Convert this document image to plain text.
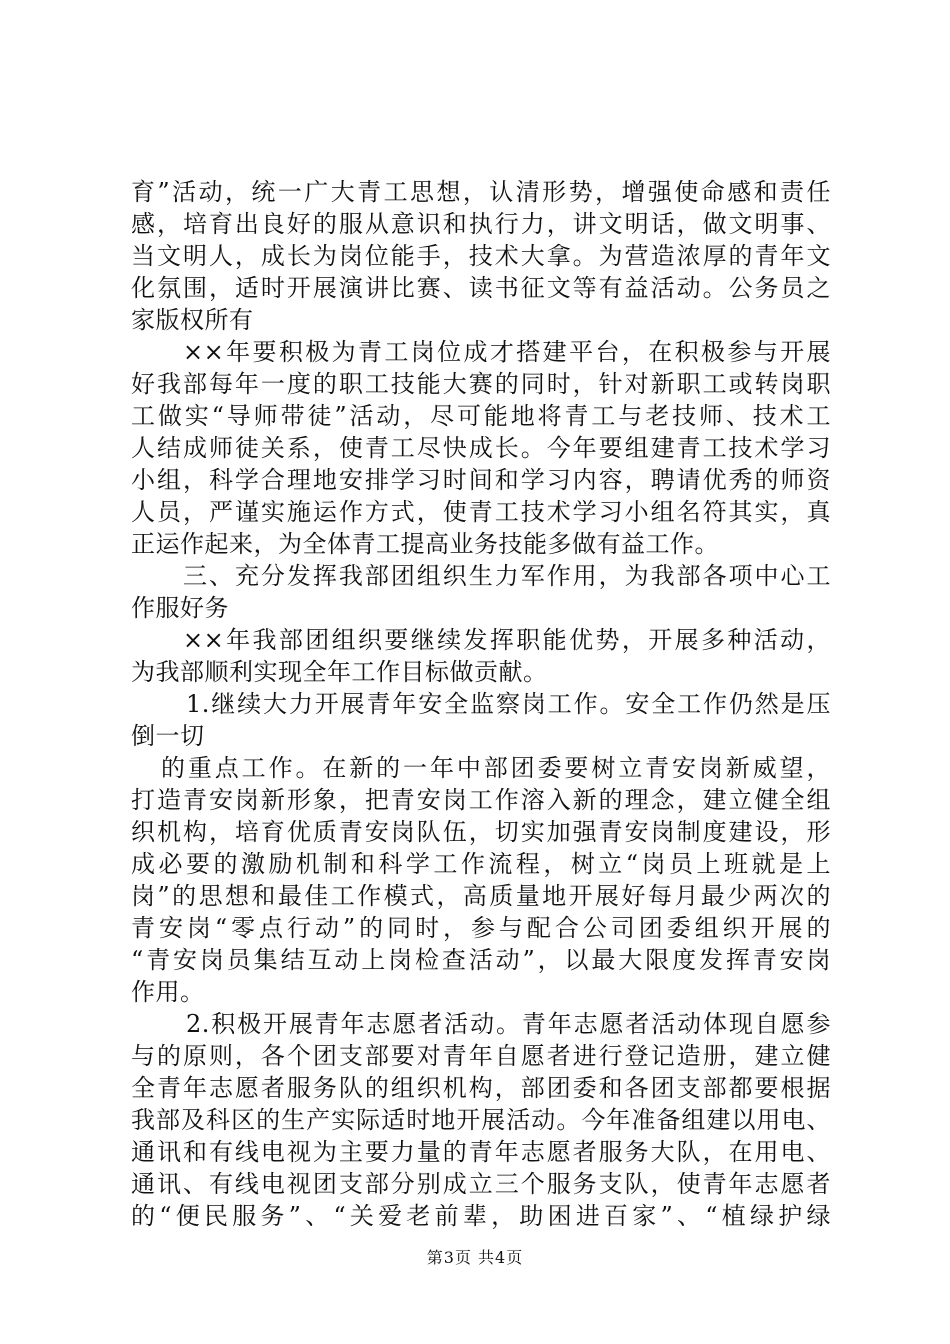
育”活动，统一广大青工思想，认清形势，增强使命感和责任
感，培育出良好的服从意识和执行力，讲文明话，做文明事、
当文明人，成长为岗位能手，技术大拿。为营造浓厚的青年文
化氛围，适时开展演讲比赛、读书征文等有益活动。公务员之
家版权所有
××年要积极为青工岗位成才搭建平台，在积极参与开展
好我部每年一度的职工技能大赛的同时，针对新职工或转岗职
工做实“导师带徒”活动，尽可能地将青工与老技师、技术工
人结成师徒关系，使青工尽快成长。今年要组建青工技术学习
小组，科学合理地安排学习时间和学习内容，聘请优秀的师资
人员，严谨实施运作方式，使青工技术学习小组名符其实，真
正运作起来，为全体青工提高业务技能多做有益工作。
三、充分发挥我部团组织生力军作用，为我部各项中心工
作服好务
××年我部团组织要继续发挥职能优势，开展多种活动，
为我部顺利实现全年工作目标做贡献。
1.继续大力开展青年安全监察岗工作。安全工作仍然是压
倒一切
的重点工作。在新的一年中部团委要树立青安岗新威望，
打造青安岗新形象，把青安岗工作溶入新的理念，建立健全组
织机构，培育优质青安岗队伍，切实加强青安岗制度建设，形
成必要的激励机制和科学工作流程，树立“岗员上班就是上
岗”的思想和最佳工作模式，高质量地开展好每月最少两次的
青安岗“零点行动”的同时，参与配合公司团委组织开展的
“青安岗员集结互动上岗检查活动”，以最大限度发挥青安岗
作用。
2.积极开展青年志愿者活动。青年志愿者活动体现自愿参
与的原则，各个团支部要对青年自愿者进行登记造册，建立健
全青年志愿者服务队的组织机构，部团委和各团支部都要根据
我部及科区的生产实际适时地开展活动。今年准备组建以用电、
通讯和有线电视为主要力量的青年志愿者服务大队，在用电、
通讯、有线电视团支部分别成立三个服务支队，使青年志愿者
的“便民服务”、“关爱老前辈，助困进百家”、“植绿护绿
第3页 共4页
